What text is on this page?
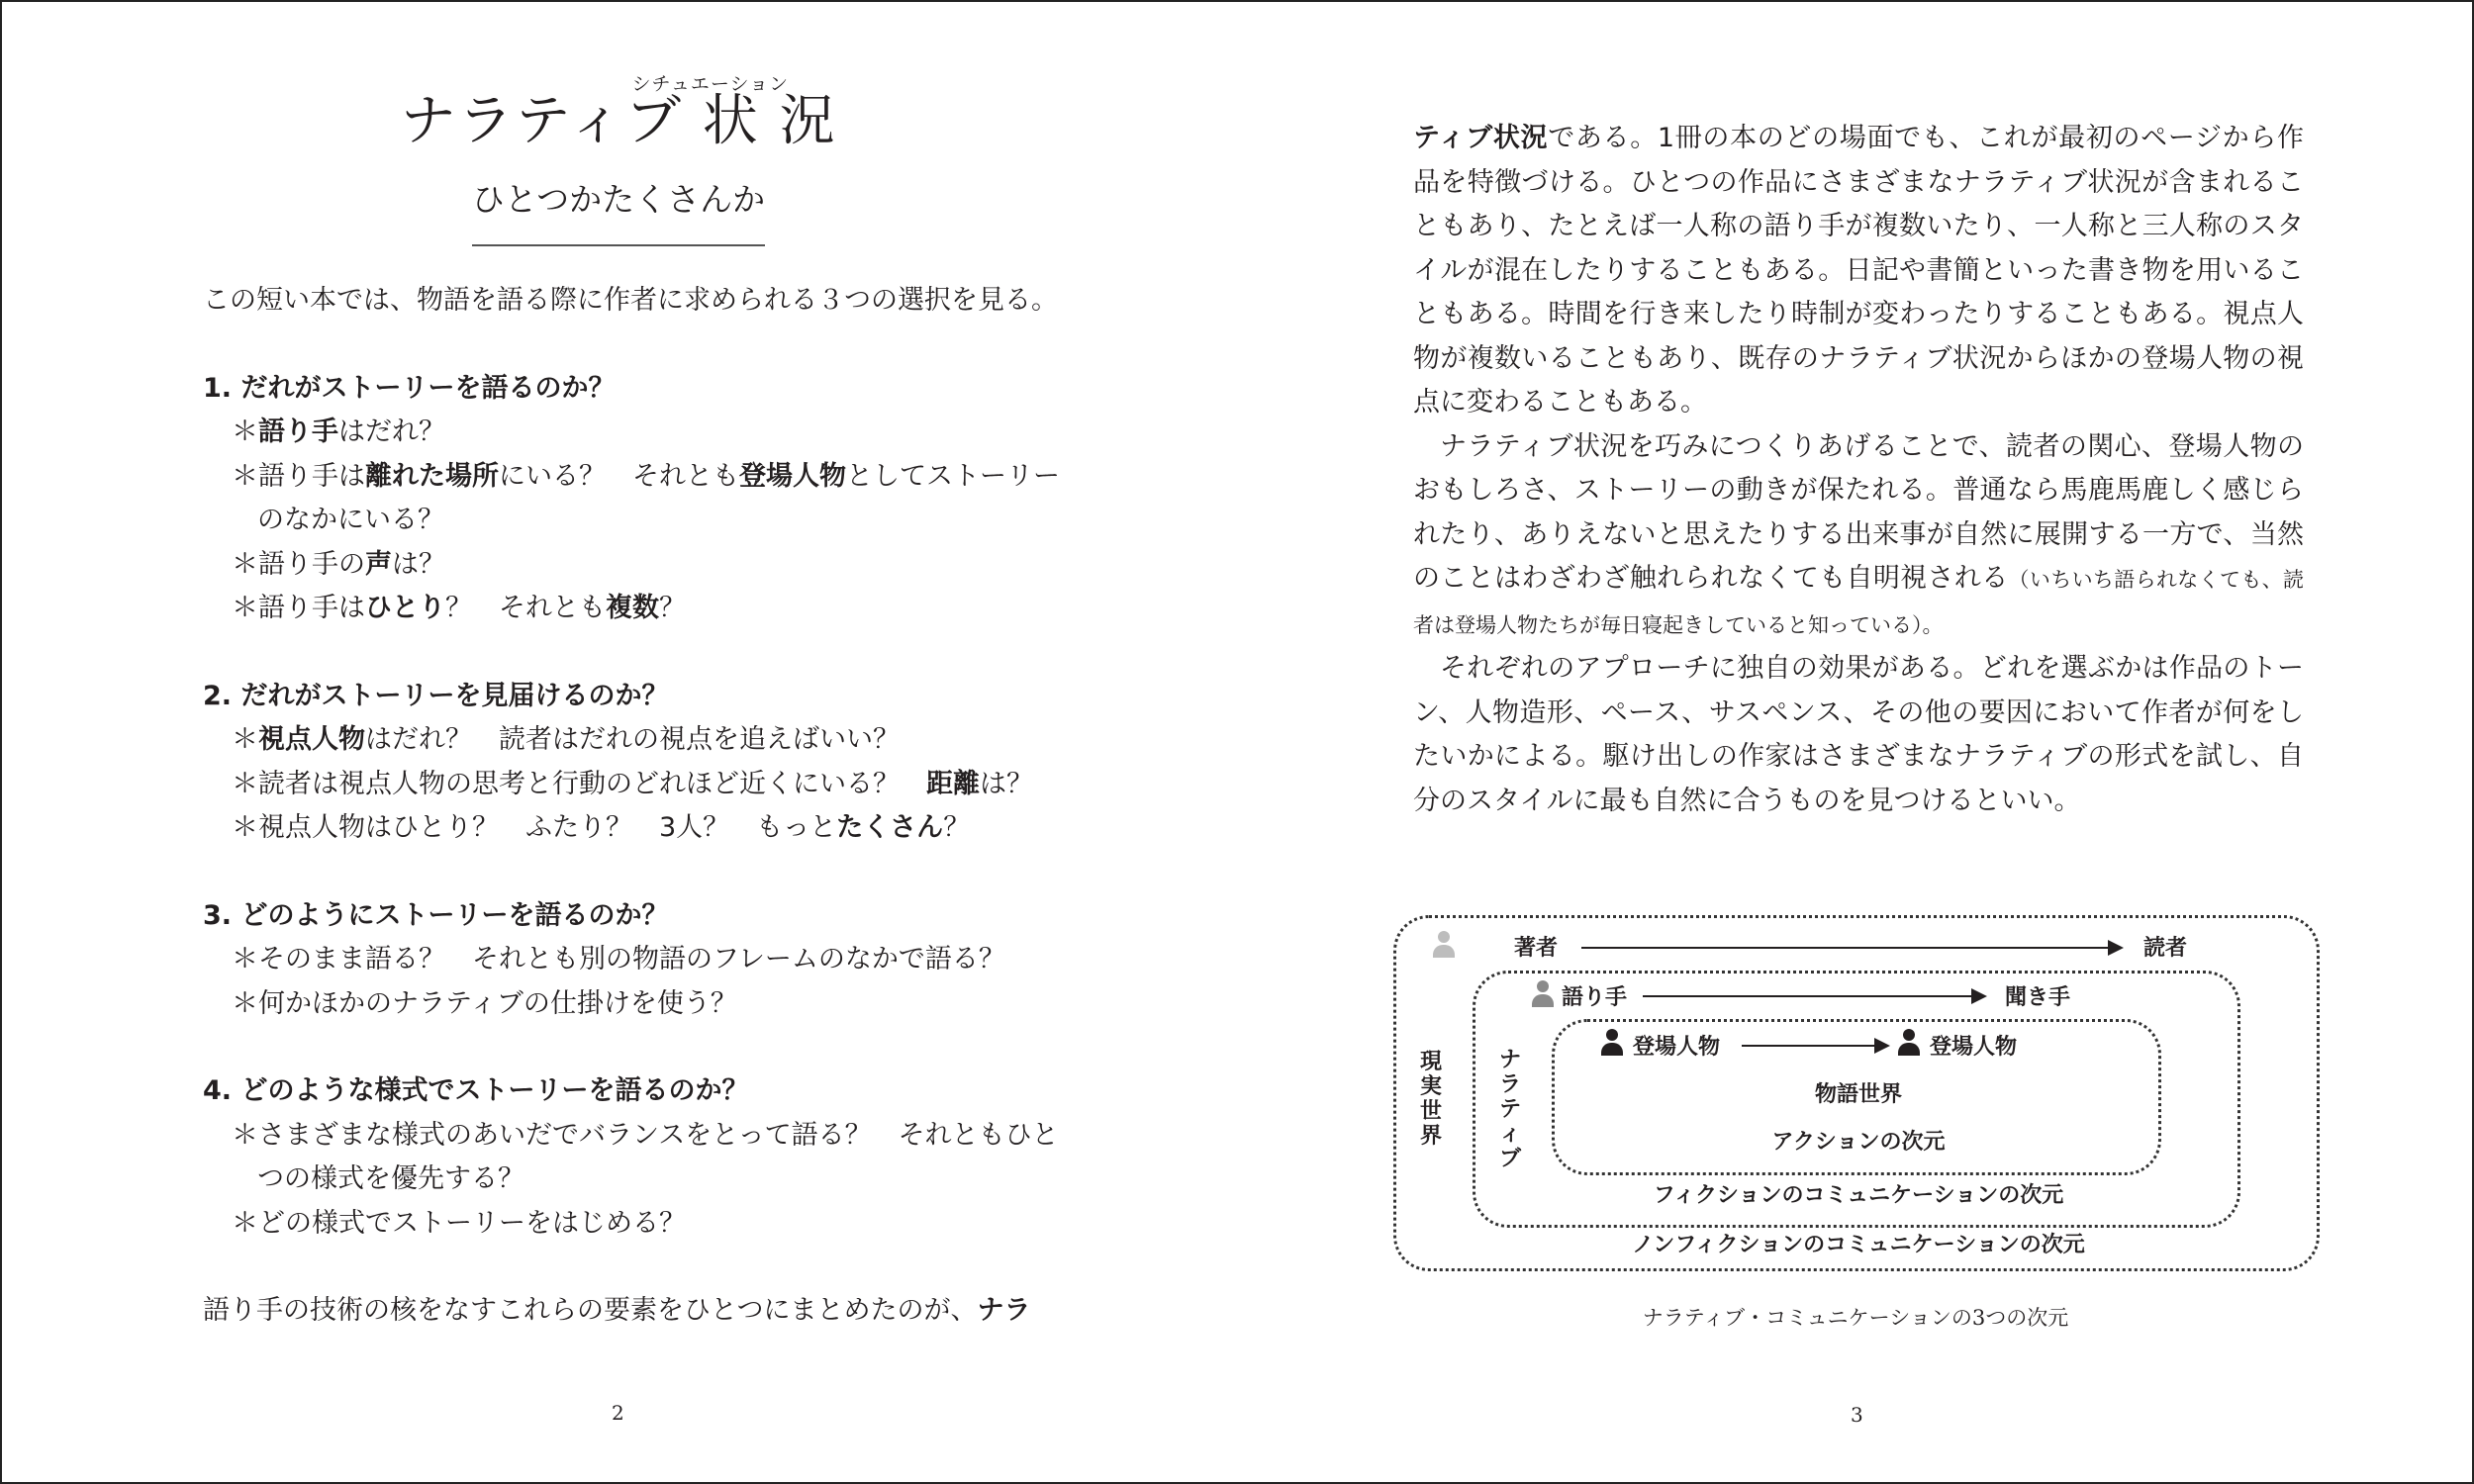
ナラティブ 状 況
シチュエーション
ひとつかたくさんか

この短い本では、物語を語る際に作者に求められる３つの選択を見る。

1. だれがストーリーを語るのか？
＊語り手はだれ？
＊語り手は離れた場所にいる？　それとも登場人物としてストーリーのなかにいる？
＊語り手の声は？
＊語り手はひとり？　それとも複数？
2. だれがストーリーを見届けるのか？
＊視点人物はだれ？　読者はだれの視点を追えばいい？
＊読者は視点人物の思考と行動のどれほど近くにいる？　距離は？
＊視点人物はひとり？　ふたり？　3人？　もっとたくさん？
3. どのようにストーリーを語るのか？
＊そのまま語る？　それとも別の物語のフレームのなかで語る？
＊何かほかのナラティブの仕掛けを使う？
4. どのような様式でストーリーを語るのか？
＊さまざまな様式のあいだでバランスをとって語る？　それともひとつの様式を優先する？
＊どの様式でストーリーをはじめる？

語り手の技術の核をなすこれらの要素をひとつにまとめたのが、ナラ

2

ティブ状況である。1冊の本のどの場面でも、これが最初のページから作品を特徴づける。ひとつの作品にさまざまなナラティブ状況が含まれることもあり、たとえば一人称の語り手が複数いたり、一人称と三人称のスタイルが混在したりすることもある。日記や書簡といった書き物を用いることもある。時間を行き来したり時制が変わったりすることもある。視点人物が複数いることもあり、既存のナラティブ状況からほかの登場人物の視点に変わることもある。

ナラティブ状況を巧みにつくりあげることで、読者の関心、登場人物のおもしろさ、ストーリーの動きが保たれる。普通なら馬鹿馬鹿しく感じられたり、ありえないと思えたりする出来事が自然に展開する一方で、当然のことはわざわざ触れられなくても自明視される（いちいち語られなくても、読者は登場人物たちが毎日寝起きしていると知っている）。

それぞれのアプローチに独自の効果がある。どれを選ぶかは作品のトーン、人物造形、ペース、サスペンス、その他の要因において作者が何をしたいかによる。駆け出しの作家はさまざまなナラティブの形式を試し、自分のスタイルに最も自然に合うものを見つけるといい。

著者	読者
語り手	聞き手
登場人物	登場人物
物語世界
アクションの次元
フィクションのコミュニケーションの次元
ノンフィクションのコミュニケーションの次元
現
実
世
界
ナ
ラ
テ
ィ
ブ
ナラティブ・コミュニケーションの3つの次元
3
